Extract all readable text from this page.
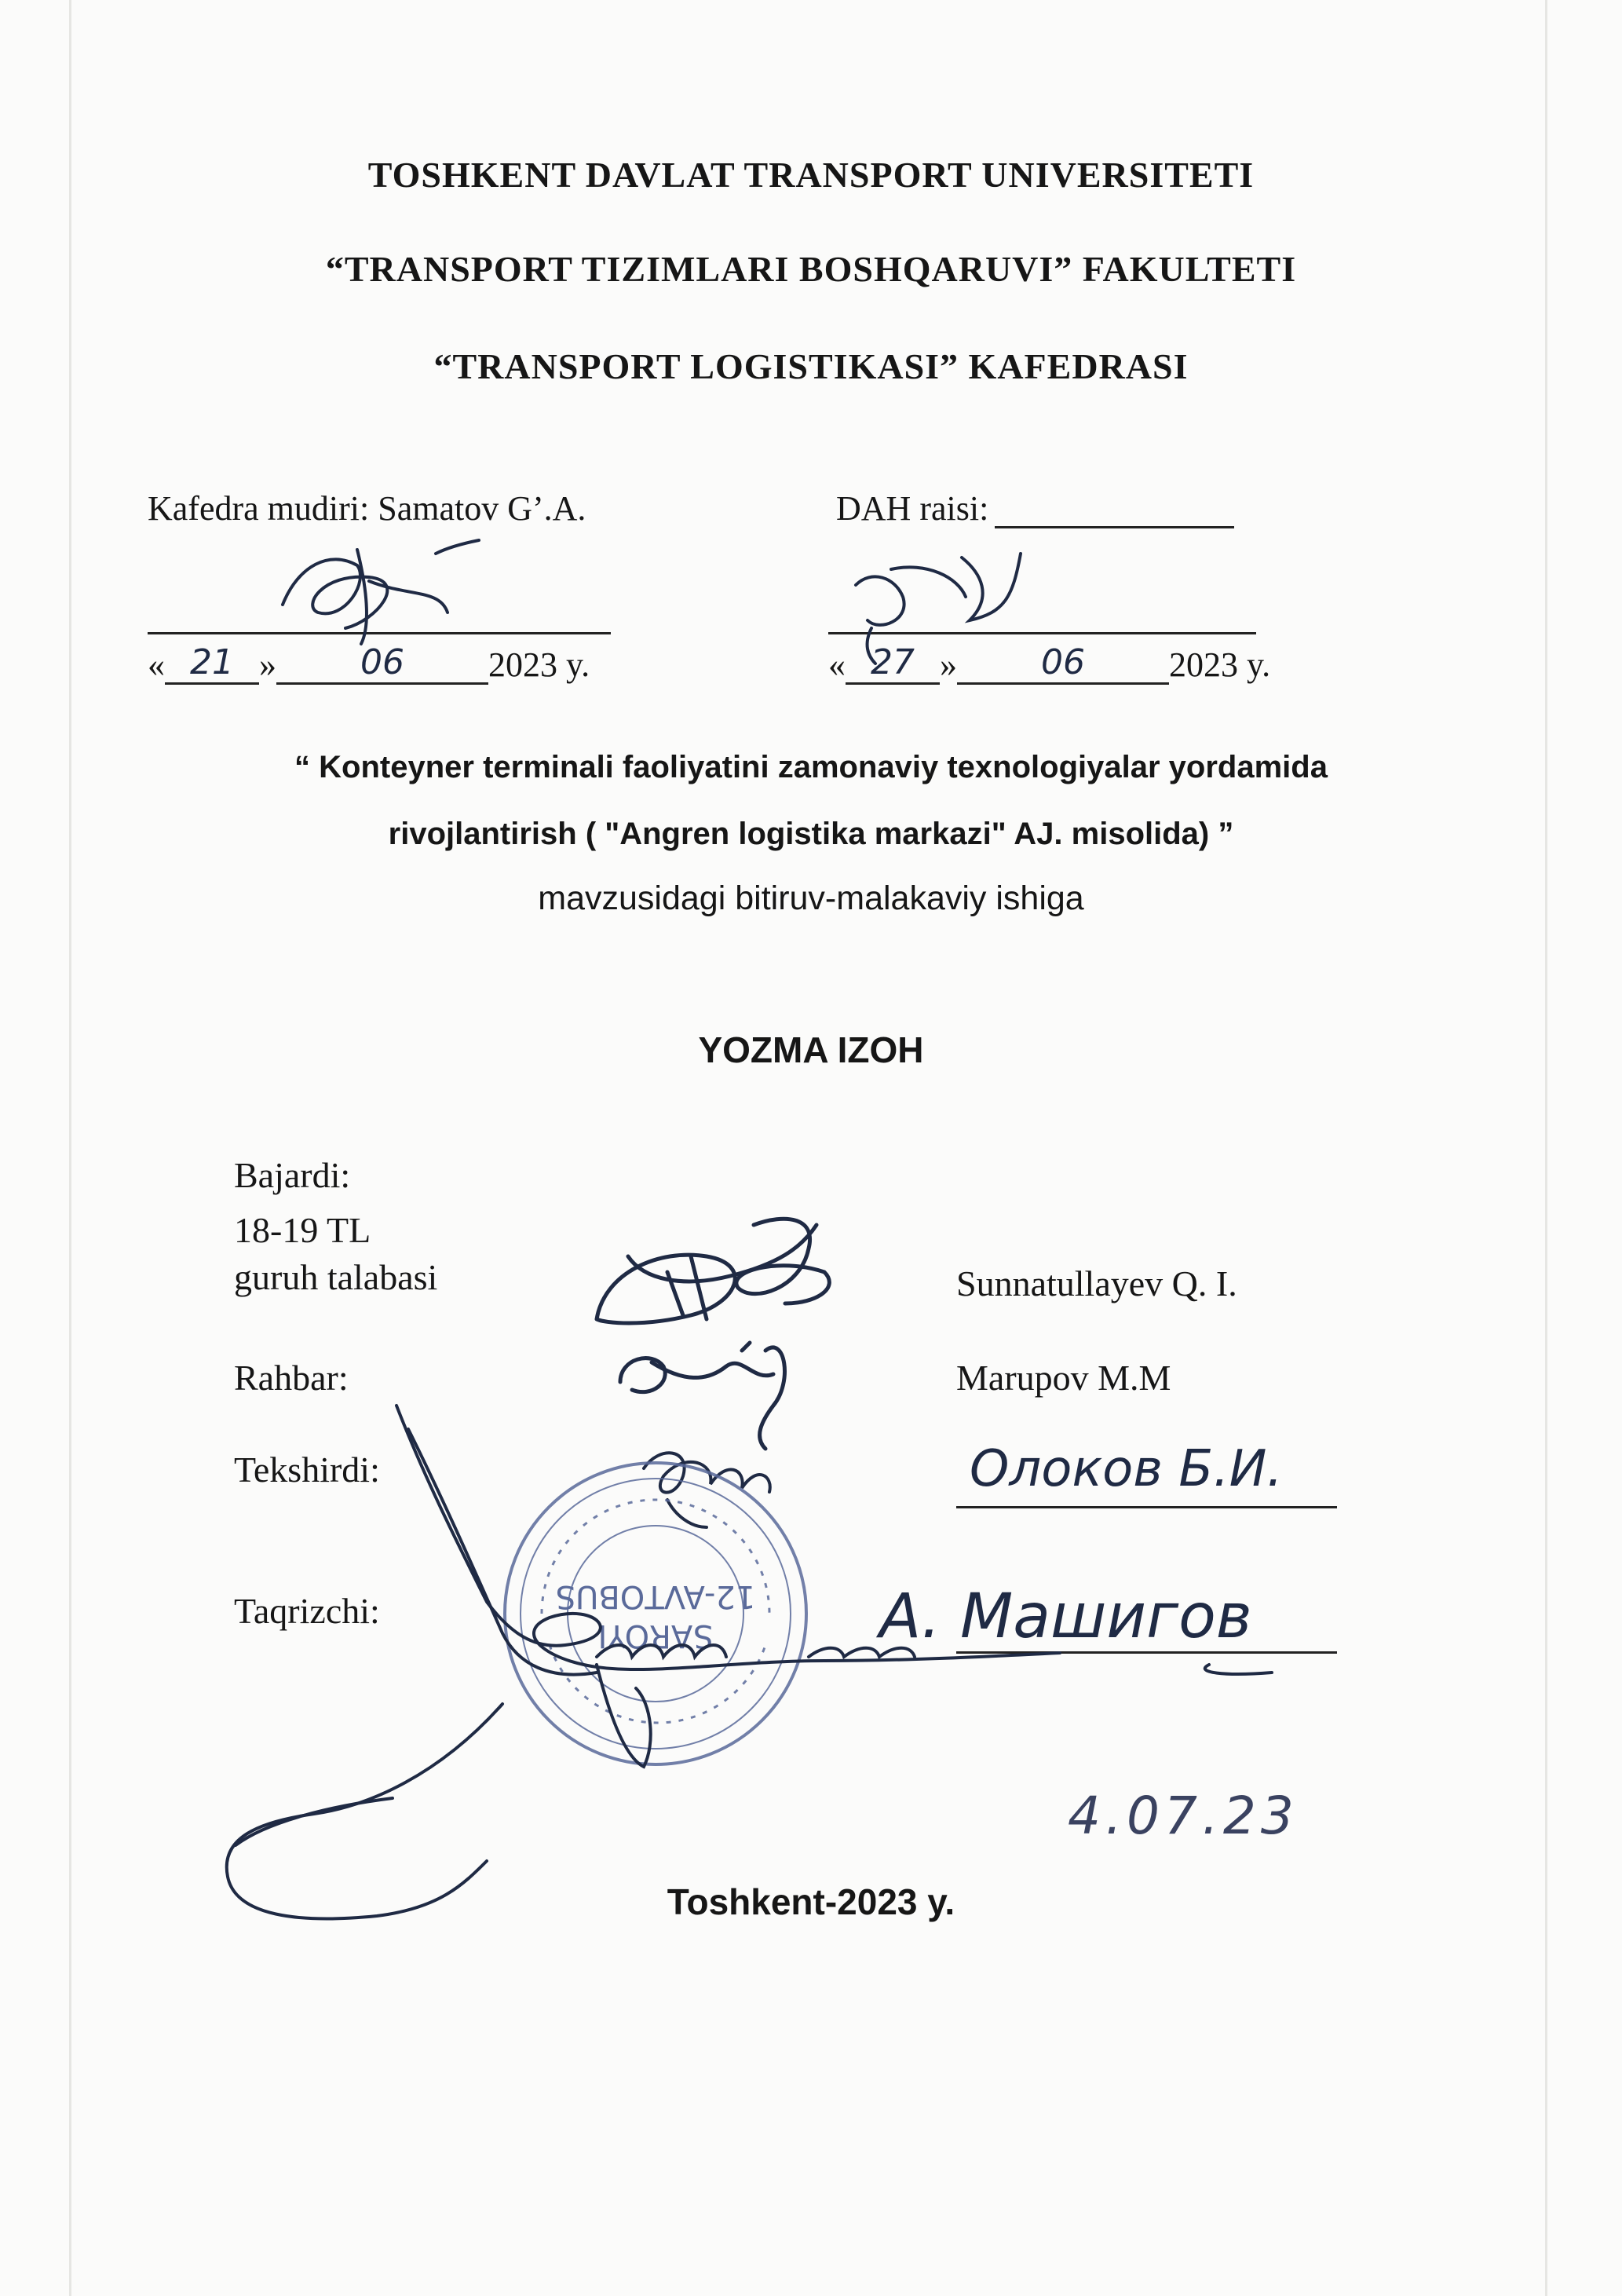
TOSHKENT DAVLAT TRANSPORT UNIVERSITETI
“TRANSPORT TIZIMLARI BOSHQARUVI” FAKULTETI
“TRANSPORT LOGISTIKASI” KAFEDRASI
Kafedra mudiri: Samatov G’.A.
« 21 » 06 2023 y.
DAH raisi:
« 27 » 06 2023 y.
“ Konteyner terminali faoliyatini zamonaviy texnologiyalar yordamida
rivojlantirish ( "Angren logistika markazi" AJ. misolida) ”
mavzusidagi bitiruv-malakaviy ishiga
YOZMA IZOH
Bajardi:
18-19 TL
guruh talabasi
Rahbar:
Tekshirdi:
Taqrizchi:
Sunnatullayev Q. I.
Marupov M.M
Toshkent-2023 y.
SAROYI
12-AVTOBUS
Олоков Б.И.
А. Машигов
4.07.23
